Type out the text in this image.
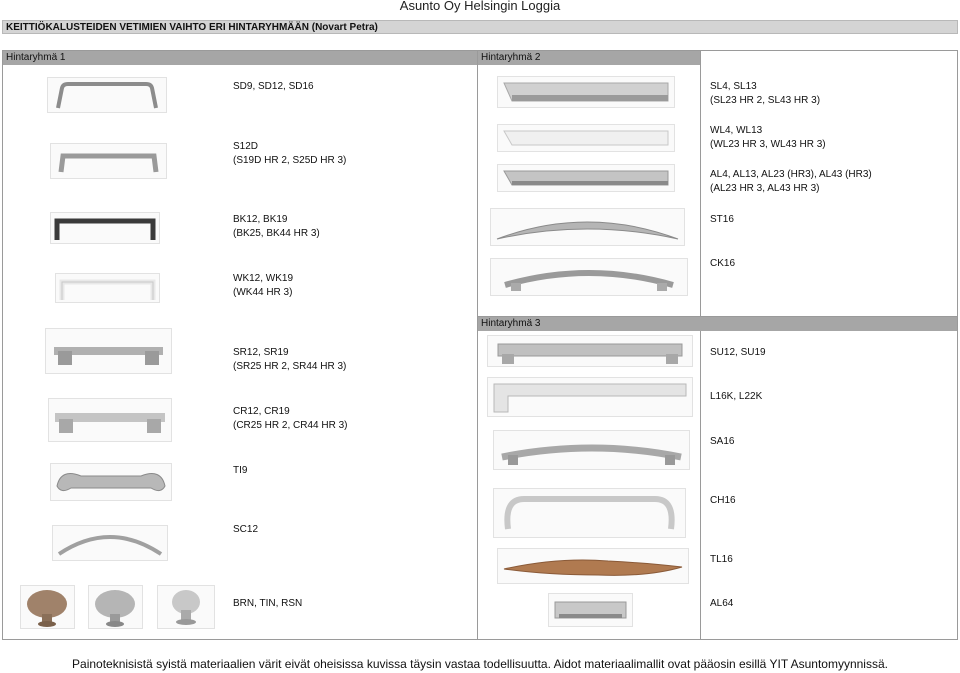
Asunto Oy Helsingin Loggia
KEITTIÖKALUSTEIDEN VETIMIEN VAIHTO ERI HINTARYHMÄÄN (Novart Petra)
Hintaryhmä 1	Hintaryhmä 2
Hintaryhmä 3
SD9, SD12, SD16
S12D
(S19D HR 2, S25D HR 3)
BK12, BK19
(BK25, BK44 HR 3)
WK12, WK19
(WK44 HR 3)
SR12, SR19
(SR25 HR 2, SR44 HR 3)
CR12, CR19
(CR25 HR 2, CR44 HR 3)
TI9
SC12
BRN, TIN, RSN
SL4, SL13
(SL23 HR 2, SL43 HR 3)
WL4, WL13
(WL23 HR 3, WL43 HR 3)
AL4, AL13, AL23 (HR3), AL43 (HR3)
(AL23 HR 3, AL43 HR 3)
ST16
CK16
SU12, SU19
L16K, L22K
SA16
CH16
TL16
AL64
Painoteknisistä syistä materiaalien värit eivät oheisissa kuvissa täysin vastaa todellisuutta. Aidot materiaalimallit ovat pääosin esillä YIT Asuntomyynnissä.
